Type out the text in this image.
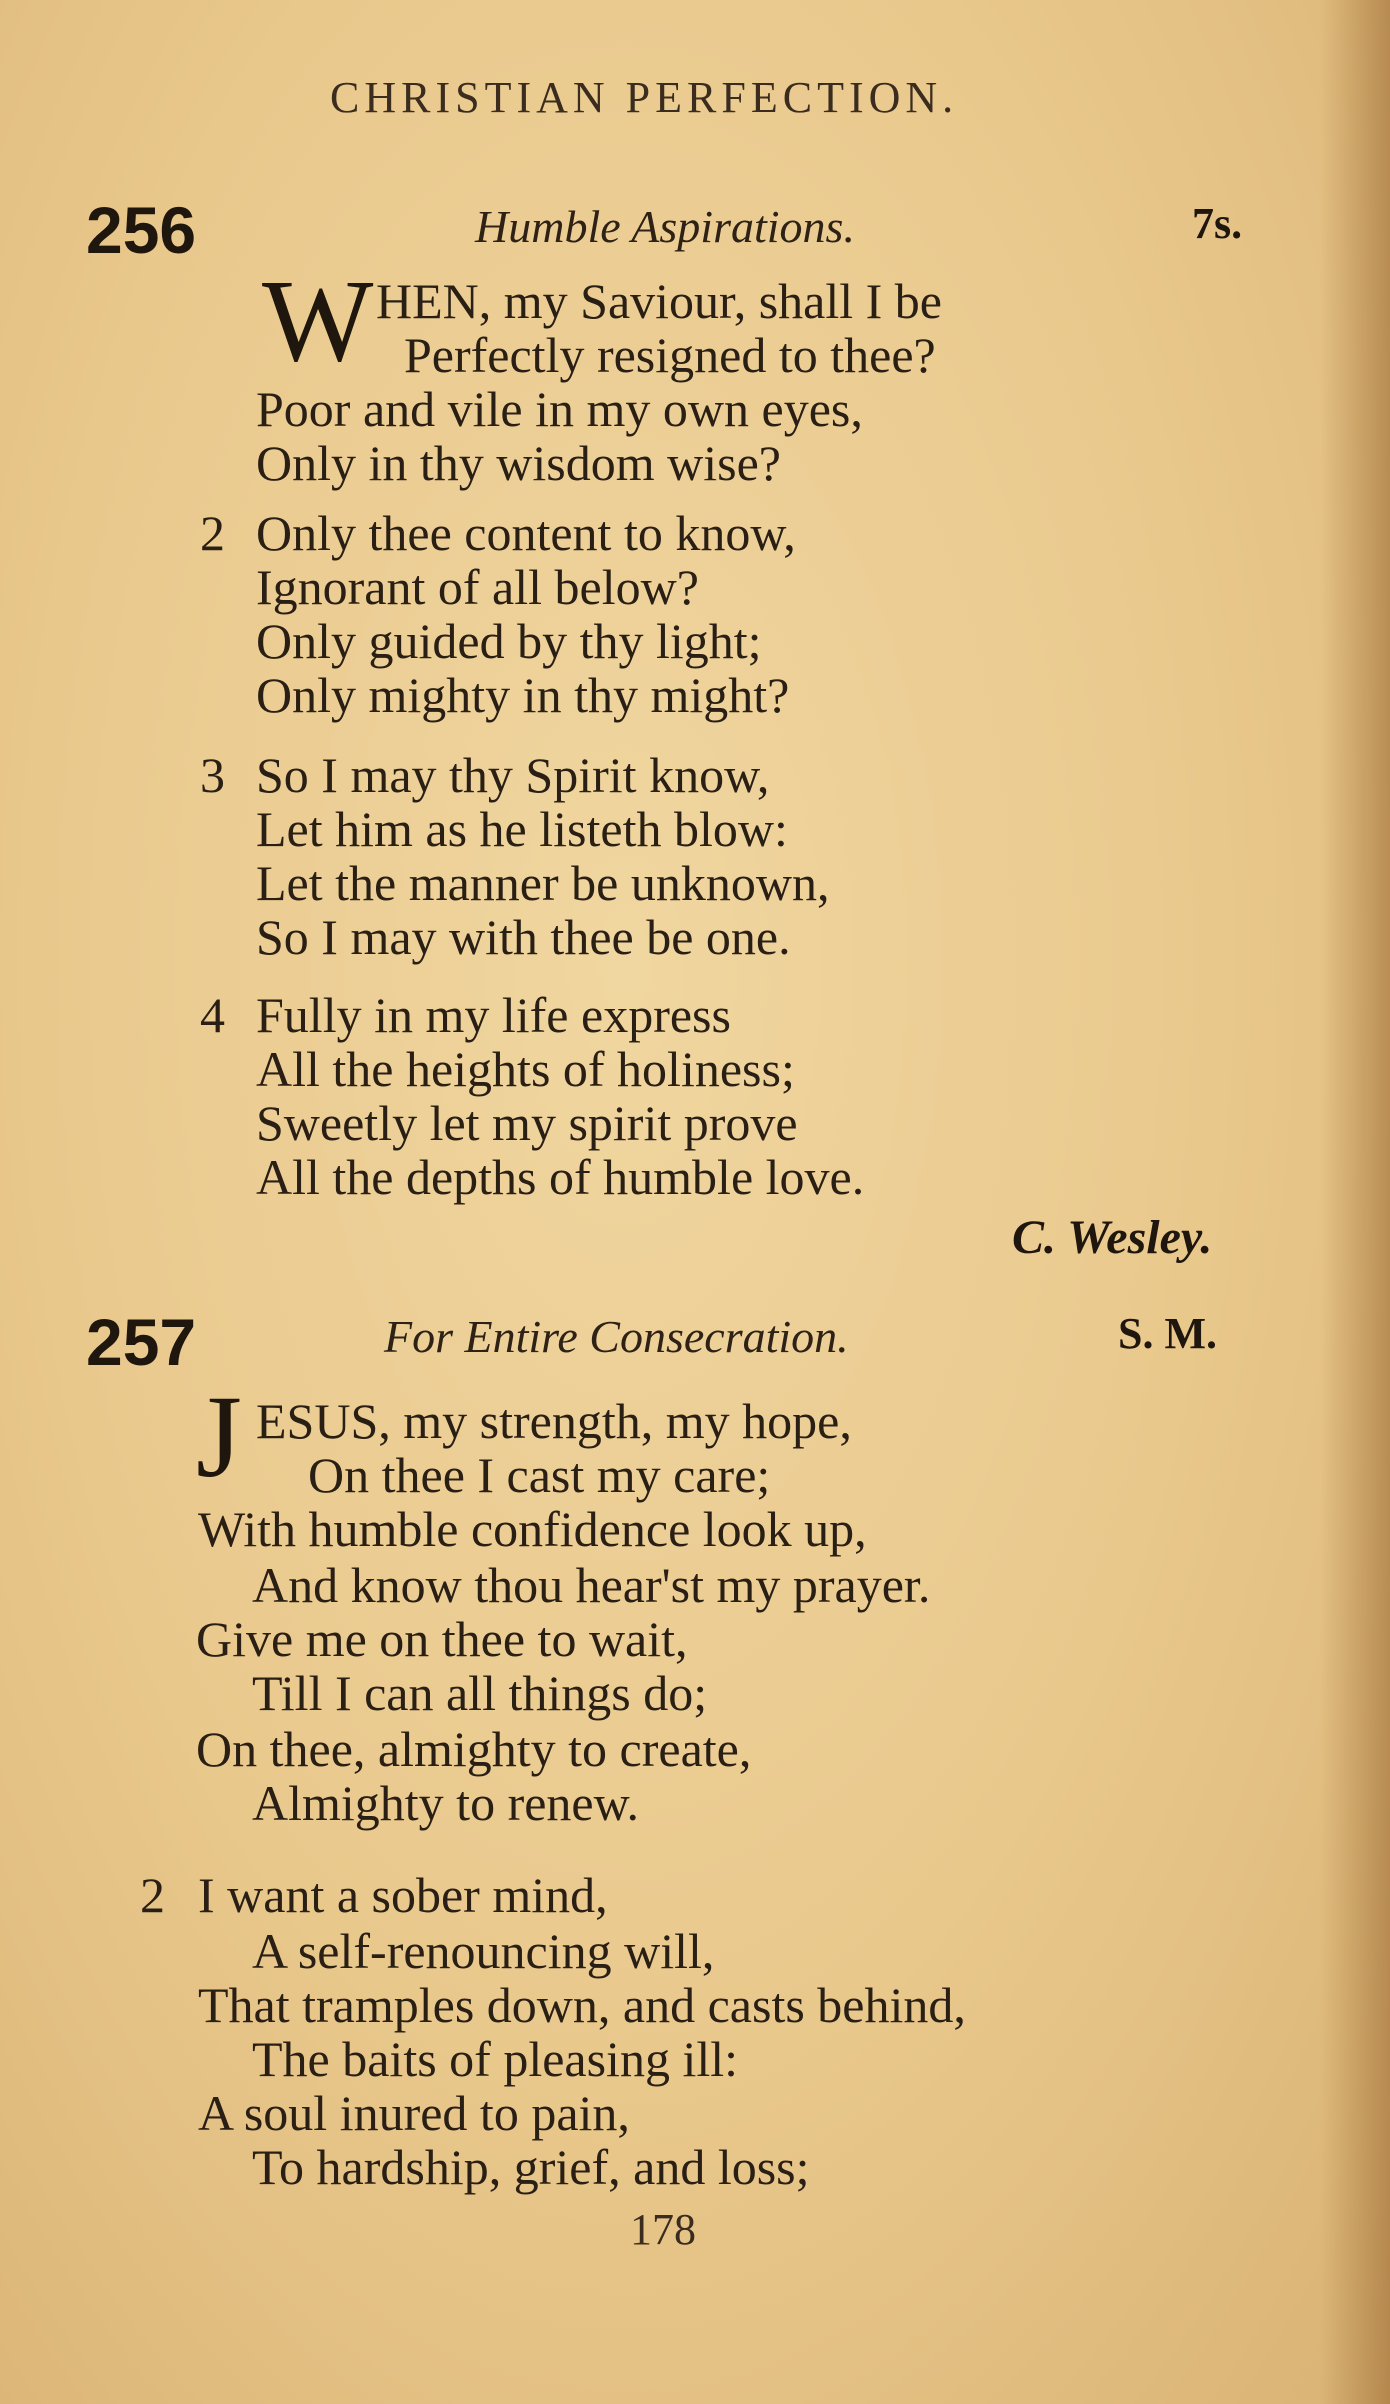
CHRISTIAN PERFECTION.
256	Humble Aspirations.	7s.
W HEN, my Saviour, shall I be
Perfectly resigned to thee?
Poor and vile in my own eyes,
Only in thy wisdom wise?
2 Only thee content to know,
Ignorant of all below?
Only guided by thy light;
Only mighty in thy might?
3 So I may thy Spirit know,
Let him as he listeth blow:
Let the manner be unknown,
So I may with thee be one.
4 Fully in my life express
All the heights of holiness;
Sweetly let my spirit prove
All the depths of humble love.
C. Wesley.
257	For Entire Consecration.	S. M.
J ESUS, my strength, my hope,
On thee I cast my care;
With humble confidence look up,
And know thou hear'st my prayer.
Give me on thee to wait,
Till I can all things do;
On thee, almighty to create,
Almighty to renew.
2 I want a sober mind,
A self-renouncing will,
That tramples down, and casts behind,
The baits of pleasing ill:
A soul inured to pain,
To hardship, grief, and loss;
178
